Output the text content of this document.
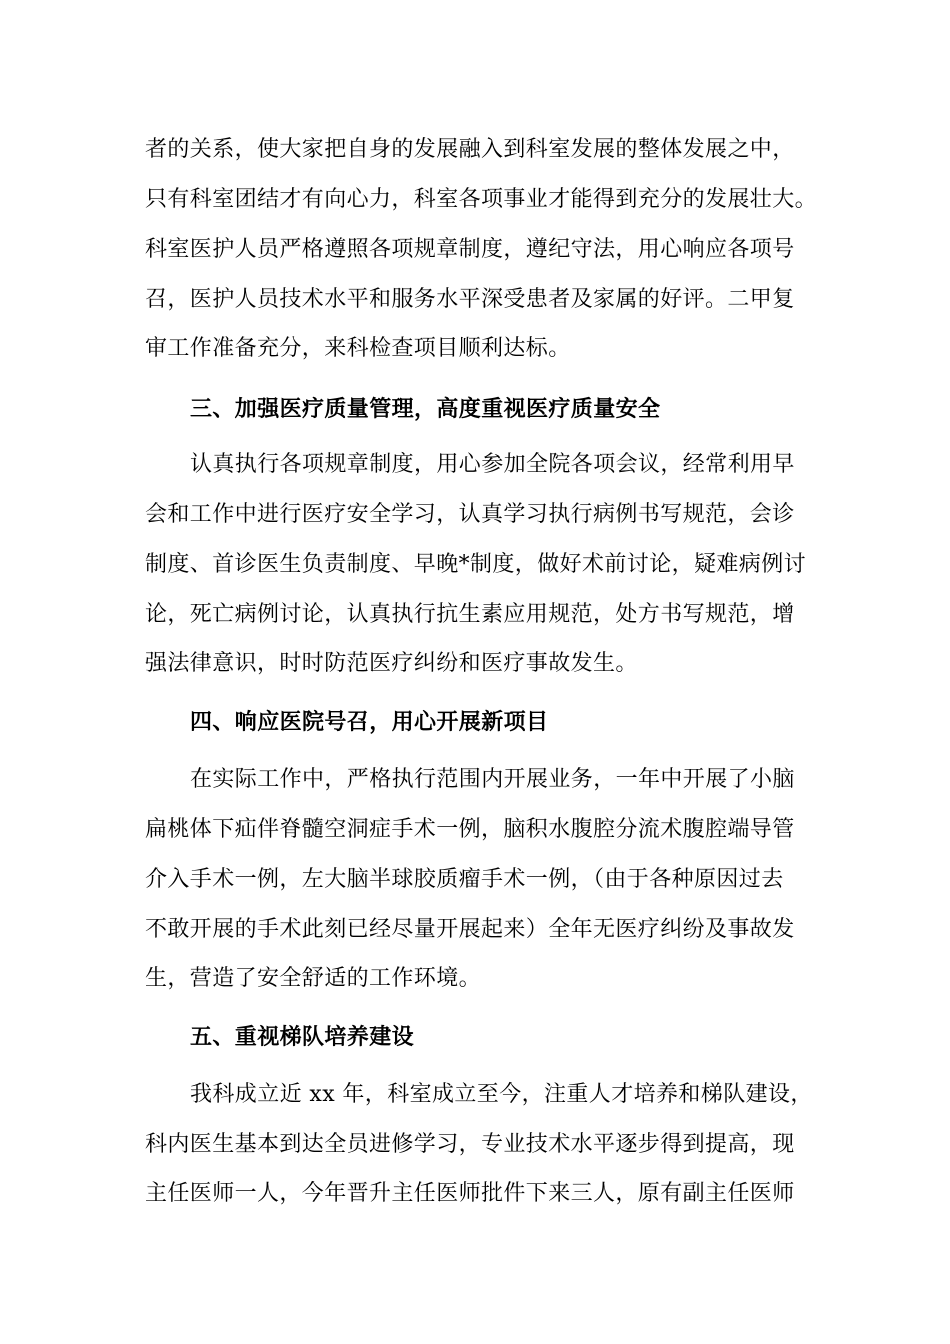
者的关系，使大家把自身的发展融入到科室发展的整体发展之中，
只有科室团结才有向心力，科室各项事业才能得到充分的发展壮大。
科室医护人员严格遵照各项规章制度，遵纪守法，用心响应各项号
召，医护人员技术水平和服务水平深受患者及家属的好评。二甲复
审工作准备充分，来科检查项目顺利达标。
三、加强医疗质量管理，高度重视医疗质量安全
认真执行各项规章制度，用心参加全院各项会议，经常利用早
会和工作中进行医疗安全学习，认真学习执行病例书写规范，会诊
制度、首诊医生负责制度、早晚*制度，做好术前讨论，疑难病例讨
论，死亡病例讨论，认真执行抗生素应用规范，处方书写规范，增
强法律意识，时时防范医疗纠纷和医疗事故发生。
四、响应医院号召，用心开展新项目
在实际工作中，严格执行范围内开展业务，一年中开展了小脑
扁桃体下疝伴脊髓空洞症手术一例，脑积水腹腔分流术腹腔端导管
介入手术一例，左大脑半球胶质瘤手术一例，（由于各种原因过去
不敢开展的手术此刻已经尽量开展起来）全年无医疗纠纷及事故发
生，营造了安全舒适的工作环境。
五、重视梯队培养建设
我科成立近 xx 年，科室成立至今，注重人才培养和梯队建设，
科内医生基本到达全员进修学习，专业技术水平逐步得到提高，现
主任医师一人，今年晋升主任医师批件下来三人，原有副主任医师
